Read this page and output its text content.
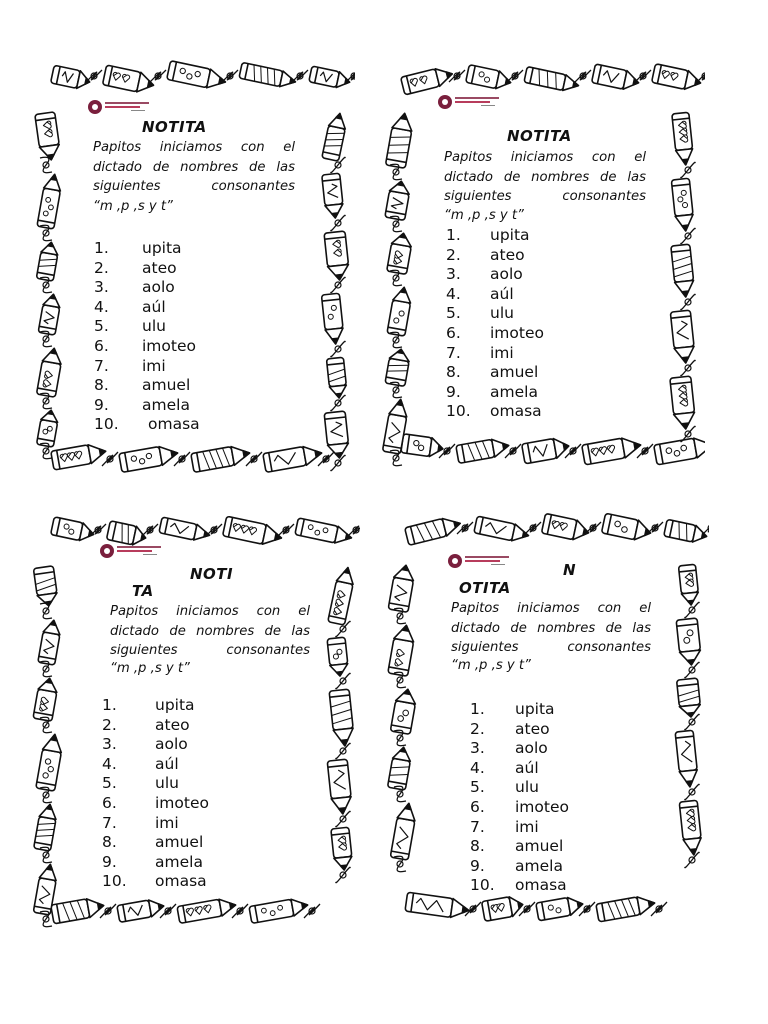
NOTITA
Papitos iniciamos con el
dictado de nombres de las
siguientes consonantes
“m ,p ,s y t”
1. upita
2. ateo
3. aolo
4. aúl
5. ulu
6. imoteo
7. imi
8. amuel
9. amela
10. omasa
NOTITA
Papitos iniciamos con el
dictado de nombres de las
siguientes consonantes
“m ,p ,s y t”
1. upita
2. ateo
3. aolo
4. aúl
5. ulu
6. imoteo
7. imi
8. amuel
9. amela
10. omasa
NOTI
TA
Papitos iniciamos con el
dictado de nombres de las
siguientes consonantes
“m ,p ,s y t”
1. upita
2. ateo
3. aolo
4. aúl
5. ulu
6. imoteo
7. imi
8. amuel
9. amela
10. omasa
N
OTITA
Papitos iniciamos con el
dictado de nombres de las
siguientes consonantes
“m ,p ,s y t”
1. upita
2. ateo
3. aolo
4. aúl
5. ulu
6. imoteo
7. imi
8. amuel
9. amela
10. omasa
